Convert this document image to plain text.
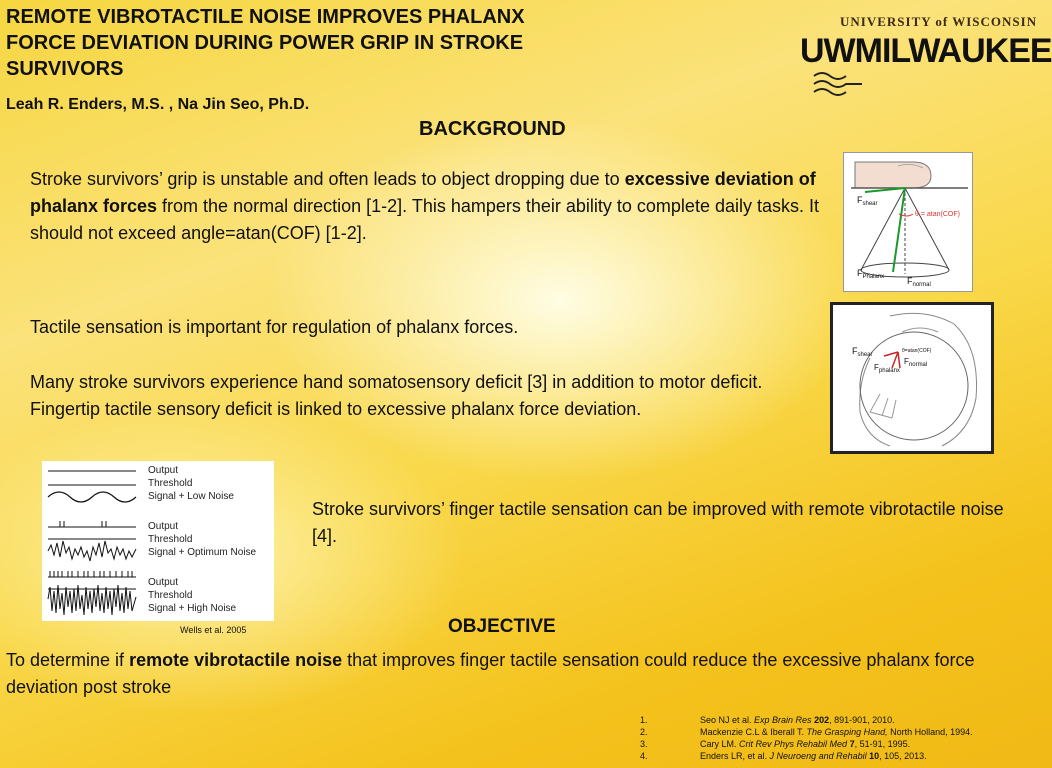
REMOTE VIBROTACTILE NOISE IMPROVES PHALANX
FORCE DEVIATION DURING POWER GRIP IN STROKE
SURVIVORS
Leah R. Enders, M.S. , Na Jin Seo, Ph.D.
UNIVERSITY of WISCONSIN
UWMILWAUKEE
BACKGROUND
Stroke survivors’ grip is unstable and often leads to object dropping due to excessive deviation of phalanx forces from the normal direction [1-2]. This hampers their ability to complete daily tasks. It should not exceed angle=atan(COF) [1-2].
$F_{shear}$
θ = atan(COF)
$F_{Phalanx}$	$F_{normal}$
Tactile sensation is important for regulation of phalanx forces.
Many stroke survivors experience hand somatosensory deficit [3] in addition to motor deficit. Fingertip tactile sensory deficit is linked to excessive phalanx force deviation.
$F_{shear}$
θ=atan(COF)
$F_{normal}$
$F_{phalanx}$
Output
Threshold
Signal + Low Noise
Output
Threshold
Signal + Optimum Noise
Output
Threshold
Signal + High Noise
Wells et al. 2005
Stroke survivors’ finger tactile sensation can be improved with remote vibrotactile noise [4].
OBJECTIVE
To determine if remote vibrotactile noise that improves finger tactile sensation could reduce the excessive phalanx force deviation post stroke
1.	Seo NJ et al. Exp Brain Res 202, 891-901, 2010.
2.	Mackenzie C.L & Iberall T. The Grasping Hand, North Holland, 1994.
3.	Cary LM. Crit Rev Phys Rehabil Med 7, 51-91, 1995.
4.	Enders LR, et al. J Neuroeng and Rehabil 10, 105, 2013.
